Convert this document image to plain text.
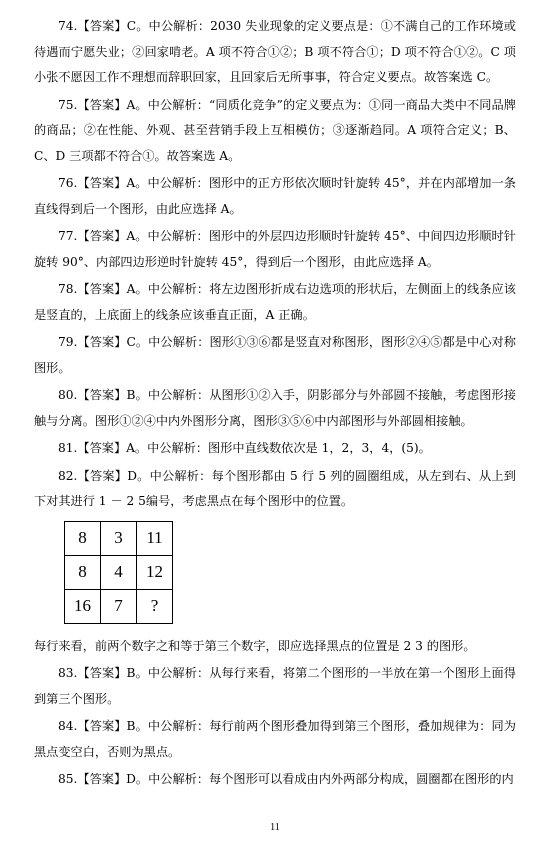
74.【答案】C。中公解析：2030 失业现象的定义要点是：①不满自己的工作环境或待遇而宁愿失业；②回家啃老。A 项不符合①②；B 项不符合①；D 项不符合①②。C 项小张不愿因工作不理想而辞职回家，且回家后无所事事，符合定义要点。故答案选 C。

75.【答案】A。中公解析：“同质化竞争”的定义要点为：①同一商品大类中不同品牌的商品；②在性能、外观、甚至营销手段上互相模仿；③逐渐趋同。A 项符合定义；B、C、D 三项都不符合①。故答案选 A。

76.【答案】A。中公解析：图形中的正方形依次顺时针旋转 45°，并在内部增加一条直线得到后一个图形，由此应选择 A。

77.【答案】A。中公解析：图形中的外层四边形顺时针旋转 45°、中间四边形顺时针旋转 90°、内部四边形逆时针旋转 45°，得到后一个图形，由此应选择 A。

78.【答案】A。中公解析：将左边图形折成右边选项的形状后，左侧面上的线条应该是竖直的，上底面上的线条应该垂直正面，A 正确。

79.【答案】C。中公解析：图形①③⑥都是竖直对称图形，图形②④⑤都是中心对称图形。

80.【答案】B。中公解析：从图形①②入手，阴影部分与外部圆不接触，考虑图形接触与分离。图形①②④中内外图形分离，图形③⑤⑥中内部图形与外部圆相接触。

81.【答案】A。中公解析：图形中直线数依次是 1，2，3，4，(5)。

82.【答案】D。中公解析：每个图形都由 5 行 5 列的圆圈组成，从左到右、从上到下对其进行 1 － 2 5编号，考虑黑点在每个图形中的位置。

8	3	11
8	4	12
16	7	?

每行来看，前两个数字之和等于第三个数字，即应选择黑点的位置是 2 3 的图形。

83.【答案】B。中公解析：从每行来看，将第二个图形的一半放在第一个图形上面得到第三个图形。

84.【答案】B。中公解析：每行前两个图形叠加得到第三个图形，叠加规律为：同为黑点变空白，否则为黑点。

85.【答案】D。中公解析：每个图形可以看成由内外两部分构成，圆圈都在图形的内

11
